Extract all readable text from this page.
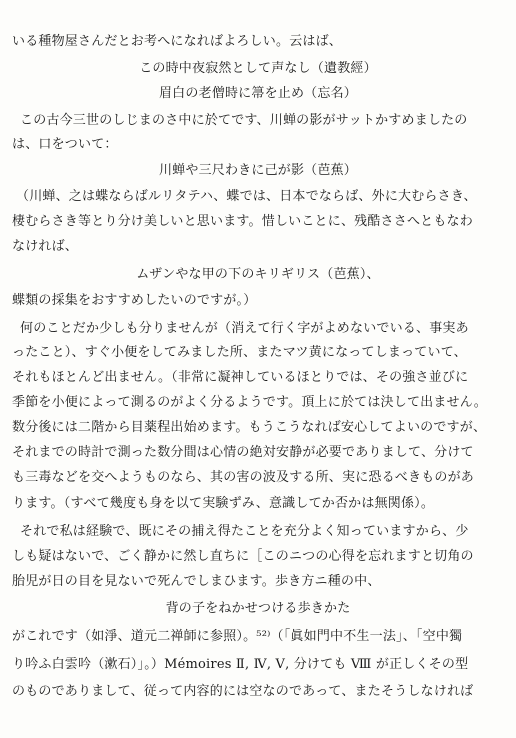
いる種物屋さんだとお考へになればよろしい。云はば、
この時中夜寂然として声なし（遺教經）
眉白の老僧時に箒を止め（忘名）
この古今三世のしじまのさ中に於てです、川蝉の影がサットかすめましたの
は、口をついて：
川蝉や三尺わきに己が影（芭蕉）
（川蝉、之は蝶ならばルリタテハ、蝶では、日本でならば、外に大むらさき、
棲むらさき等とり分け美しいと思います。惜しいことに、残酷ささへともなわ
なければ、
ムザンやな甲の下のキリギリス（芭蕉）、
蝶類の採集をおすすめしたいのですが。）
何のことだか少しも分りませんが（消えて行く字がよめないでいる、事実あ
ったこと）、すぐ小便をしてみました所、またマツ黄になってしまっていて、
それもほとんど出ません。（非常に凝神しているほとりでは、その強さ並びに
季節を小便によって測るのがよく分るようです。頂上に於ては決して出ません。
数分後には二階から目薬程出始めます。もうこうなれば安心してよいのですが、
それまでの時計で測った数分間は心情の絶対安静が必要でありまして、分けて
も三毒などを交へようものなら、其の害の波及する所、実に恐るべきものがあ
ります。（すべて幾度も身を以て実験ずみ、意識してか否かは無関係）。
それで私は経験で、既にその捕え得たことを充分よく知っていますから、少
しも疑はないで、ごく静かに然し直ちに［このニつの心得を忘れますと切角の
胎児が日の目を見ないで死んでしまひます。歩き方ニ種の中、
背の子をねかせつける歩きかた
がこれです（如淨、道元二禅師に参照）。⁵²⁾（「眞如門中不生一法」、「空中獨
り吟ふ白雲吟（漱石）」。）Mémoires Ⅱ, Ⅳ, Ⅴ, 分けても Ⅷ が正しくその型
のものでありまして、従って内容的には空なのであって、またそうしなければ
